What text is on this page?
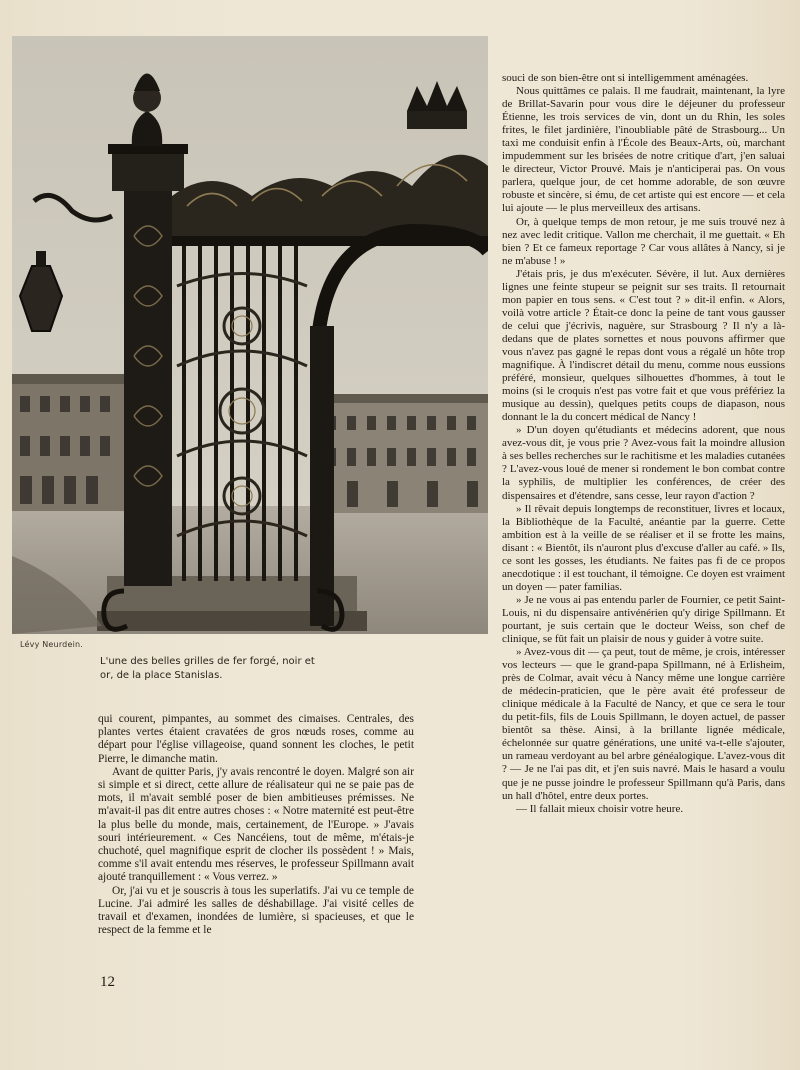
Lévy Neurdein.
L'une des belles grilles de fer forgé, noir et or, de la place Stanislas.

souci de son bien-être ont si intelligemment aménagées.

Nous quittâmes ce palais. Il me faudrait, maintenant, la lyre de Brillat-Savarin pour vous dire le déjeuner du professeur Étienne, les trois services de vin, dont un du Rhin, les soles frites, le filet jardinière, l'inoubliable pâté de Strasbourg... Un taxi me conduisit enfin à l'École des Beaux-Arts, où, marchant impudemment sur les brisées de notre critique d'art, j'en saluai le directeur, Victor Prouvé. Mais je n'anticiperai pas. On vous parlera, quelque jour, de cet homme adorable, de son œuvre robuste et sincère, si ému, de cet artiste qui est encore — et cela lui ajoute — le plus merveilleux des artisans.

Or, à quelque temps de mon retour, je me suis trouvé nez à nez avec ledit critique. Vallon me cherchait, il me guettait. « Eh bien ? Et ce fameux reportage ? Car vous allâtes à Nancy, si je ne m'abuse ! »

J'étais pris, je dus m'exécuter. Sévère, il lut. Aux dernières lignes une feinte stupeur se peignit sur ses traits. Il retournait mon papier en tous sens. « C'est tout ? » dit-il enfin. « Alors, voilà votre article ? Était-ce donc la peine de tant vous gausser de celui que j'écrivis, naguère, sur Strasbourg ? Il n'y a là-dedans que de plates sornettes et nous pouvons affirmer que vous n'avez pas gagné le repas dont vous a régalé un hôte trop magnifique. À l'indiscret détail du menu, comme nous eussions préféré, monsieur, quelques silhouettes d'hommes, à tout le moins (si le croquis n'est pas votre fait et que vous préfériez la musique au dessin), quelques petits coups de diapason, nous donnant le la du concert médical de Nancy !

» D'un doyen qu'étudiants et médecins adorent, que nous avez-vous dit, je vous prie ? Avez-vous fait la moindre allusion à ses belles recherches sur le rachitisme et les maladies cutanées ? L'avez-vous loué de mener si rondement le bon combat contre la syphilis, de multiplier les conférences, de créer des dispensaires et d'étendre, sans cesse, leur rayon d'action ?

» Il rêvait depuis longtemps de reconstituer, livres et locaux, la Bibliothèque de la Faculté, anéantie par la guerre. Cette ambition est à la veille de se réaliser et il se frotte les mains, disant : « Bientôt, ils n'auront plus d'excuse d'aller au café. » Ils, ce sont les gosses, les étudiants. Ne faites pas fi de ce propos anecdotique : il est touchant, il témoigne. Ce doyen est vraiment un doyen — pater familias.

» Je ne vous ai pas entendu parler de Fournier, ce petit Saint-Louis, ni du dispensaire antivénérien qu'y dirige Spillmann. Et pourtant, je suis certain que le docteur Weiss, son chef de clinique, se fût fait un plaisir de nous y guider à votre suite.

» Avez-vous dit — ça peut, tout de même, je crois, intéresser vos lecteurs — que le grand-papa Spillmann, né à Erlisheim, près de Colmar, avait vécu à Nancy même une longue carrière de médecin-praticien, que le père avait été professeur de clinique médicale à la Faculté de Nancy, et que ce sera le tour du petit-fils, fils de Louis Spillmann, le doyen actuel, de passer bientôt sa thèse. Ainsi, à la brillante lignée médicale, échelonnée sur quatre générations, une unité va-t-elle s'ajouter, un rameau verdoyant au bel arbre généalogique. L'avez-vous dit ? — Je ne l'ai pas dit, et j'en suis navré. Mais le hasard a voulu que je ne pusse joindre le professeur Spillmann qu'à Paris, dans un hall d'hôtel, entre deux portes.

— Il fallait mieux choisir votre heure.

qui courent, pimpantes, au sommet des cimaises. Centrales, des plantes vertes étaient cravatées de gros nœuds roses, comme au départ pour l'église villageoise, quand sonnent les cloches, le petit Pierre, le dimanche matin.

Avant de quitter Paris, j'y avais rencontré le doyen. Malgré son air si simple et si direct, cette allure de réalisateur qui ne se paie pas de mots, il m'avait semblé poser de bien ambitieuses prémisses. Ne m'avait-il pas dit entre autres choses : « Notre maternité est peut-être la plus belle du monde, mais, certainement, de l'Europe. » J'avais souri intérieurement. « Ces Nancéiens, tout de même, m'étais-je chuchoté, quel magnifique esprit de clocher ils possèdent ! » Mais, comme s'il avait entendu mes réserves, le professeur Spillmann avait ajouté tranquillement : « Vous verrez. »

Or, j'ai vu et je souscris à tous les superlatifs. J'ai vu ce temple de Lucine. J'ai admiré les salles de déshabillage. J'ai visité celles de travail et d'examen, inondées de lumière, si spacieuses, et que le respect de la femme et le

12
